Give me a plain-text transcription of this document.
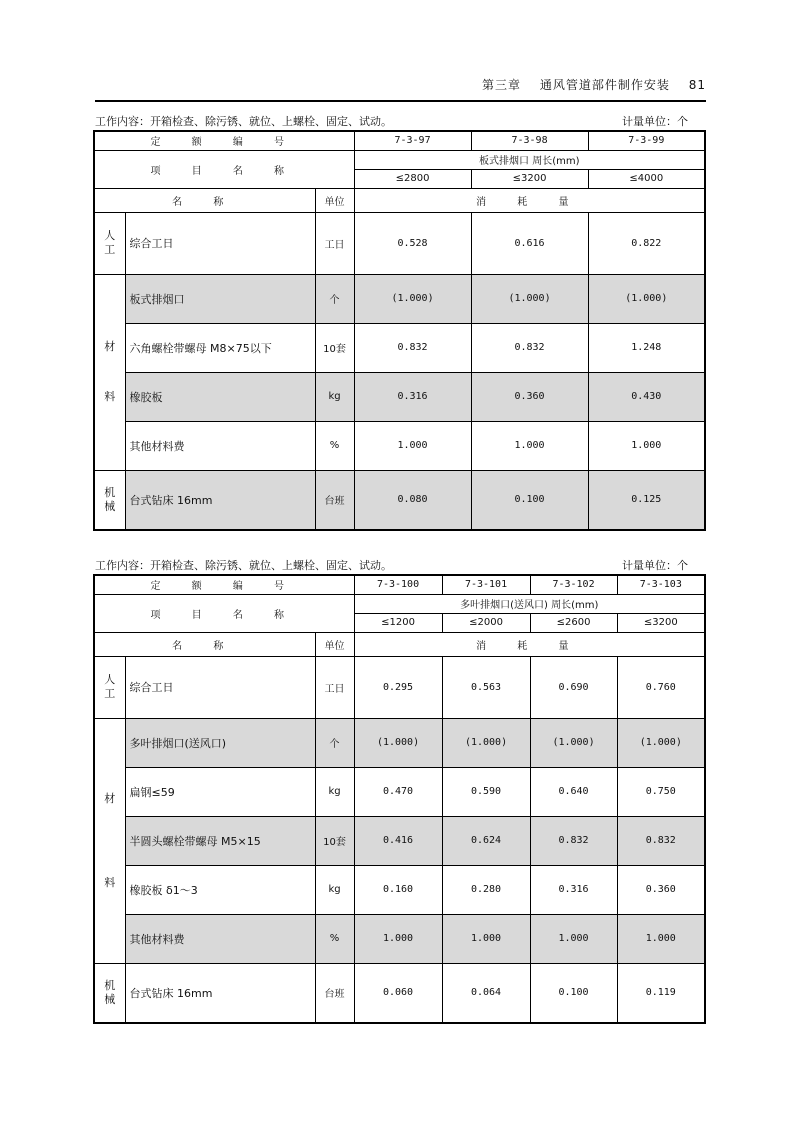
第三章 通风管道部件制作安装 81
工作内容：开箱检查、除污锈、就位、上螺栓、固定、试动。	计量单位：个
定 额 编 号			7-3-97	7-3-98	7-3-99
项 目 名 称			板式排烟口 周长(mm)		
			≤2800	≤3200	≤4000
名 称		单位	消 耗 量		

人
工	综合工日	工日	0.528	0.616	0.822

材
料	板式排烟口	个	(1.000)	(1.000)	(1.000)
	六角螺栓带螺母 M8×75以下	10套	0.832	0.832	1.248
	橡胶板	kg	0.316	0.360	0.430
	其他材料费	%	1.000	1.000	1.000

机
械	台式钻床 16mm	台班	0.080	0.100	0.125
工作内容：开箱检查、除污锈、就位、上螺栓、固定、试动。	计量单位：个
定 额 编 号			7-3-100	7-3-101	7-3-102	7-3-103
项 目 名 称			多叶排烟口(送风口) 周长(mm)			
			≤1200	≤2000	≤2600	≤3200
名 称		单位	消 耗 量			

人
工	综合工日	工日	0.295	0.563	0.690	0.760

材
料	多叶排烟口(送风口)	个	(1.000)	(1.000)	(1.000)	(1.000)
	扁钢≤59	kg	0.470	0.590	0.640	0.750
	半圆头螺栓带螺母 M5×15	10套	0.416	0.624	0.832	0.832
	橡胶板 δ1～3	kg	0.160	0.280	0.316	0.360
	其他材料费	%	1.000	1.000	1.000	1.000

机
械	台式钻床 16mm	台班	0.060	0.064	0.100	0.119
